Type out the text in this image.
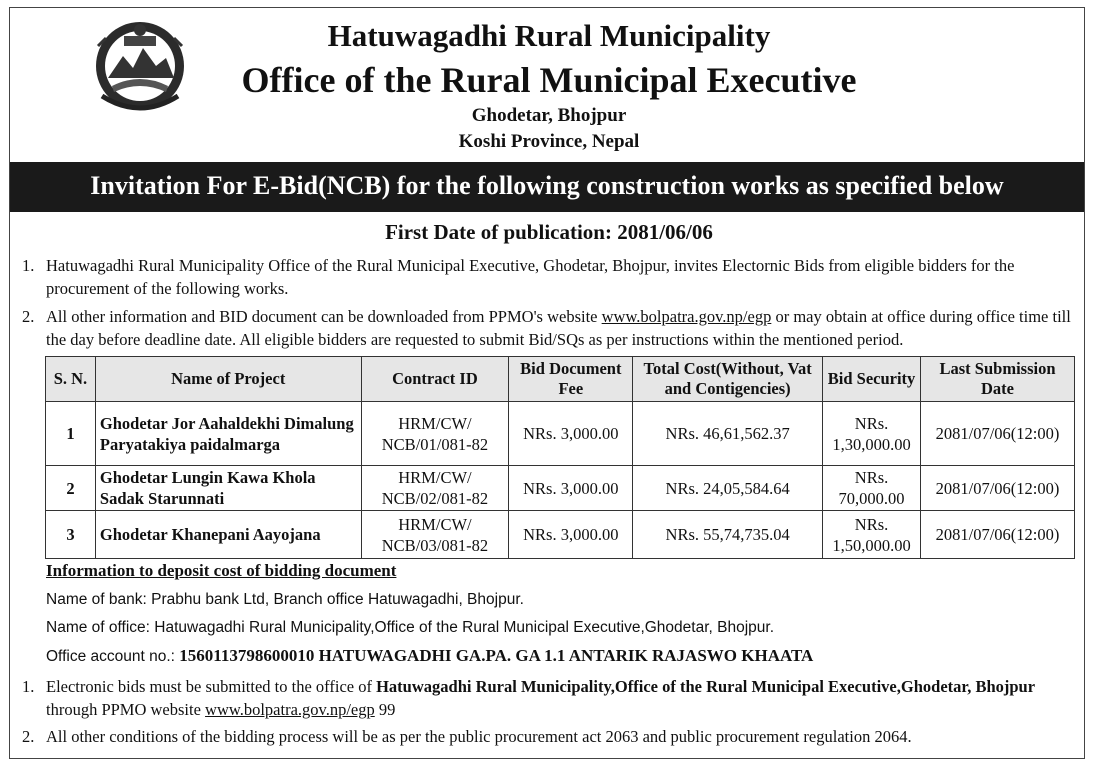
Hatuwagadhi Rural Municipality
Office of the Rural Municipal Executive
Ghodetar, Bhojpur
Koshi Province, Nepal
Invitation For E-Bid(NCB) for the following construction works as specified below
First Date of publication: 2081/06/06
1. Hatuwagadhi Rural Municipality Office of the Rural Municipal Executive, Ghodetar, Bhojpur, invites Electornic Bids from eligible bidders for the procurement of the following works.
2. All other information and BID document can be downloaded from PPMO's website www.bolpatra.gov.np/egp or may obtain at office during office time till the day before deadline date. All eligible bidders are requested to submit Bid/SQs as per instructions within the mentioned period.
S. N.	Name of Project	Contract ID	Bid Document Fee	Total Cost(Without, Vat and Contigencies)	Bid Security	Last Submission Date
1	Ghodetar Jor Aahaldekhi Dimalung Paryatakiya paidalmarga	HRM/CW/ NCB/01/081-82	NRs. 3,000.00	NRs. 46,61,562.37	NRs. 1,30,000.00	2081/07/06(12:00)
2	Ghodetar Lungin Kawa Khola Sadak Starunnati	HRM/CW/ NCB/02/081-82	NRs. 3,000.00	NRs. 24,05,584.64	NRs. 70,000.00	2081/07/06(12:00)
3	Ghodetar Khanepani Aayojana	HRM/CW/ NCB/03/081-82	NRs. 3,000.00	NRs. 55,74,735.04	NRs. 1,50,000.00	2081/07/06(12:00)
Information to deposit cost of bidding document
Name of bank: Prabhu bank Ltd, Branch office Hatuwagadhi, Bhojpur.
Name of office: Hatuwagadhi Rural Municipality,Office of the Rural Municipal Executive,Ghodetar, Bhojpur.
Office account no.: 1560113798600010 HATUWAGADHI GA.PA. GA 1.1 ANTARIK RAJASWO KHAATA
1. Electronic bids must be submitted to the office of Hatuwagadhi Rural Municipality,Office of the Rural Municipal Executive,Ghodetar, Bhojpur through PPMO website www.bolpatra.gov.np/egp 99
2. All other conditions of the bidding process will be as per the public procurement act 2063 and public procurement regulation 2064.
